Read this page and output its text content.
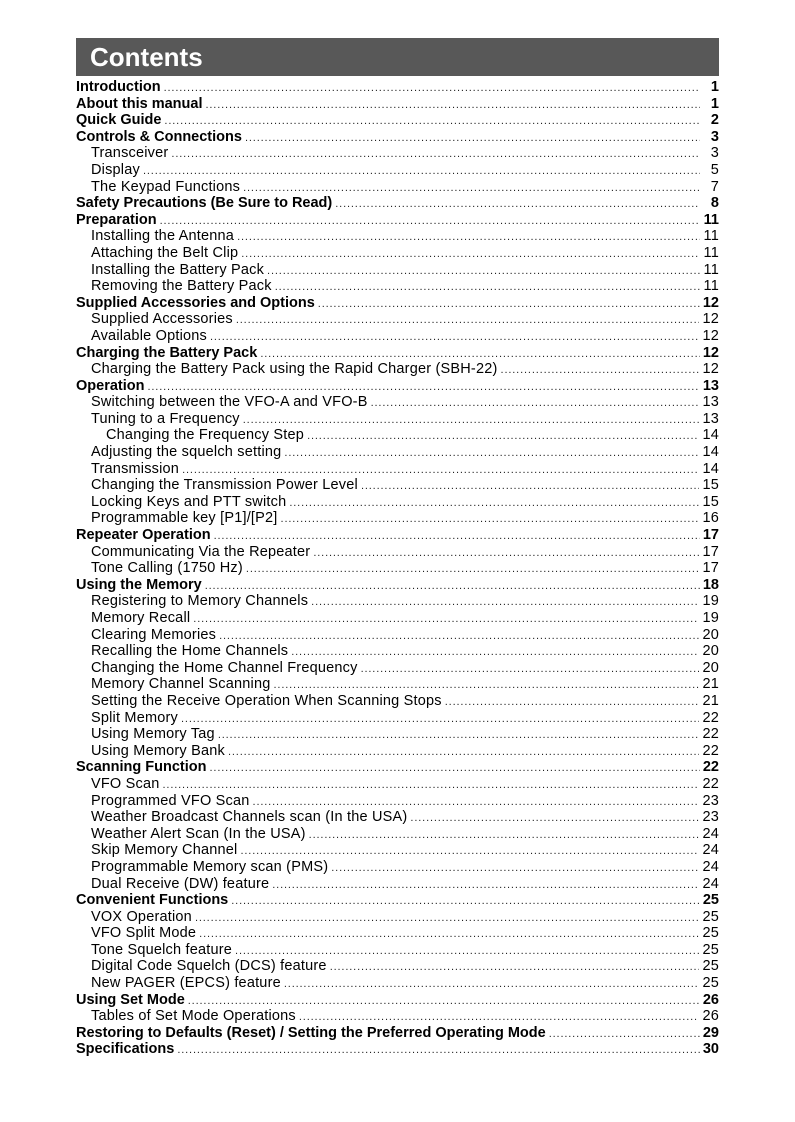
Contents
Introduction . . .	1
About this manual . . .	1
Quick Guide . . .	2
Controls & Connections . . .	3
Transceiver . . .	3
Display . . .	5
The Keypad Functions . . .	7
Safety Precautions (Be Sure to Read) . . .	8
Preparation . . .	11
Installing the Antenna . . .	11
Attaching the Belt Clip . . .	11
Installing the Battery Pack . . .	11
Removing the Battery Pack . . .	11
Supplied Accessories and Options . . .	12
Supplied Accessories . . .	12
Available Options . . .	12
Charging the Battery Pack . . .	12
Charging the Battery Pack using the Rapid Charger (SBH-22) . . .	12
Operation . . .	13
Switching between the VFO-A and VFO-B . . .	13
Tuning to a Frequency . . .	13
Changing the Frequency Step . . .	14
Adjusting the squelch setting . . .	14
Transmission . . .	14
Changing the Transmission Power Level . . .	15
Locking Keys and PTT switch . . .	15
Programmable key [P1]/[P2] . . .	16
Repeater Operation . . .	17
Communicating Via the Repeater . . .	17
Tone Calling (1750 Hz) . . .	17
Using the Memory . . .	18
Registering to Memory Channels . . .	19
Memory Recall . . .	19
Clearing Memories . . .	20
Recalling the Home Channels . . .	20
Changing the Home Channel Frequency . . .	20
Memory Channel Scanning . . .	21
Setting the Receive Operation When Scanning Stops . . .	21
Split Memory . . .	22
Using Memory Tag . . .	22
Using Memory Bank . . .	22
Scanning Function . . .	22
VFO Scan . . .	22
Programmed VFO Scan . . .	23
Weather Broadcast Channels scan (In the USA) . . .	23
Weather Alert Scan (In the USA) . . .	24
Skip Memory Channel . . .	24
Programmable Memory scan (PMS) . . .	24
Dual Receive (DW) feature . . .	24
Convenient Functions . . .	25
VOX Operation . . .	25
VFO Split Mode . . .	25
Tone Squelch feature . . .	25
Digital Code Squelch (DCS) feature . . .	25
New PAGER (EPCS) feature . . .	25
Using Set Mode . . .	26
Tables of Set Mode Operations . . .	26
Restoring to Defaults (Reset) / Setting the Preferred Operating Mode . . .	29
Specifications . . .	30
